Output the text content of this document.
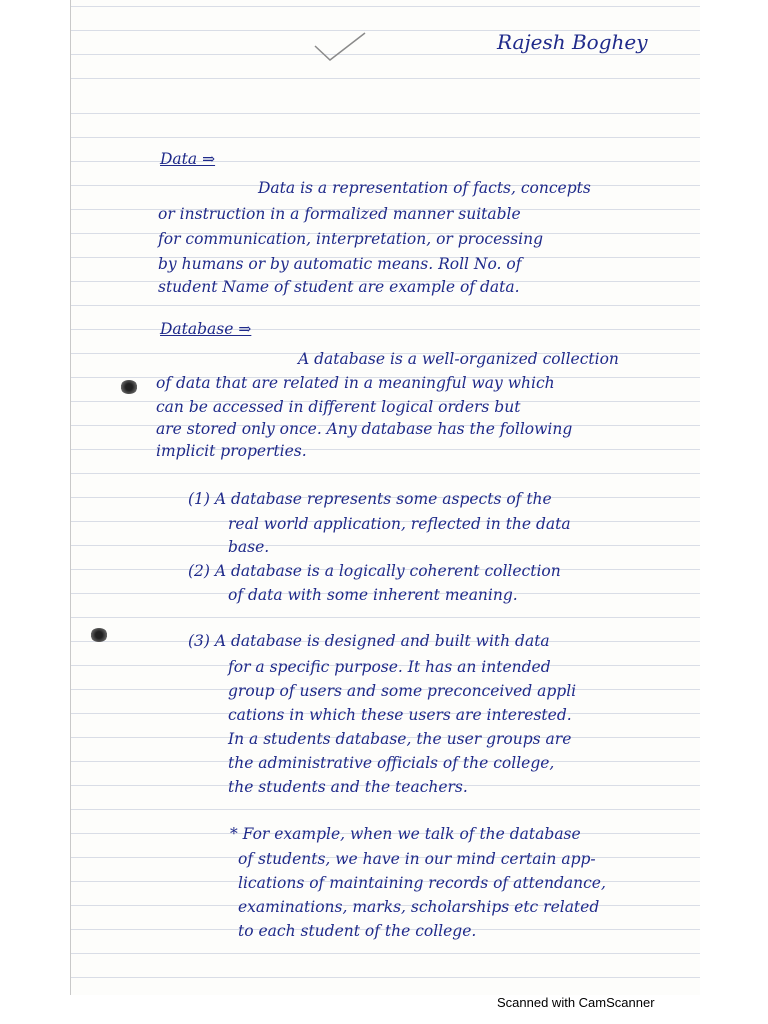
Rajesh Boghey
Data ⇒
Data is a representation of facts, concepts
or instruction in a formalized manner suitable
for communication, interpretation, or processing
by humans or by automatic means. Roll No. of
student Name of student are example of data.
Database ⇒
A database is a well-organized collection
of data that are related in a meaningful way which
can be accessed in different logical orders but
are stored only once. Any database has the following
implicit properties.
(1) A database represents some aspects of the
real world application, reflected in the data
base.
(2) A database is a logically coherent collection
of data with some inherent meaning.
(3) A database is designed and built with data
for a specific purpose. It has an intended
group of users and some preconceived appli
cations in which these users are interested.
In a students database, the user groups are
the administrative officials of the college,
the students and the teachers.
* For example, when we talk of the database
of students, we have in our mind certain app-
lications of maintaining records of attendance,
examinations, marks, scholarships etc related
to each student of the college.
Scanned with CamScanner
